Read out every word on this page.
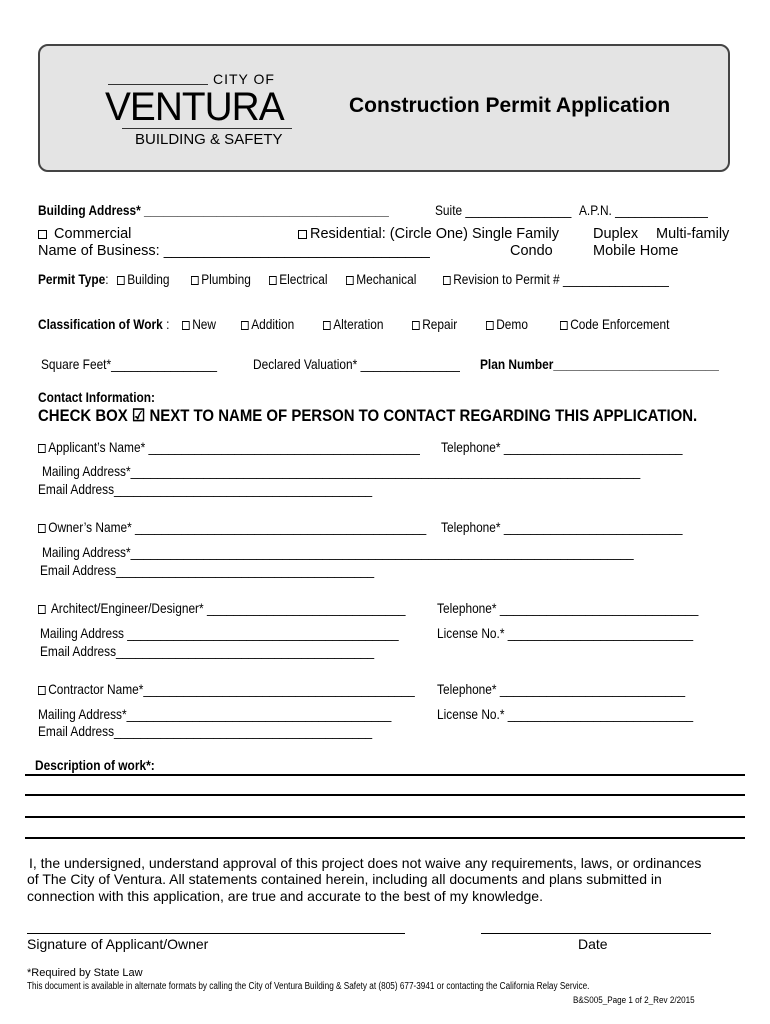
CITY OF
VENTURA
BUILDING & SAFETY
Construction Permit Application
Building Address* _____________________________________	Suite ________________ A.P.N. ______________
Commercial
Name of Business: _________________________________
Residential: (Circle One) Single Family
Condo
Duplex Multi-family
Mobile Home
Permit Type:	Building	Plumbing	Electrical	Mechanical	Revision to Permit # ________________
Classification of Work :	New	Addition	Alteration	Repair	Demo	Code Enforcement
Square Feet*________________	Declared Valuation* _______________ Plan Number_________________________
Contact Information:
CHECK BOX ☑ NEXT TO NAME OF PERSON TO CONTACT REGARDING THIS APPLICATION.
Applicant’s Name* _________________________________________ Telephone* ___________________________
Mailing Address*_____________________________________________________________________________
Email Address_______________________________________
Owner’s Name* ____________________________________________ Telephone* ___________________________
Mailing Address*____________________________________________________________________________
Email Address_______________________________________
Architect/Engineer/Designer* ______________________________ Telephone* ______________________________
Mailing Address _________________________________________	License No.* ____________________________
Email Address_______________________________________
Contractor Name*_________________________________________ Telephone* ____________________________
Mailing Address*________________________________________	License No.* ____________________________
Email Address_______________________________________
Description of work*:
I, the undersigned, understand approval of this project does not waive any requirements, laws, or ordinances
of The City of Ventura. All statements contained herein, including all documents and plans submitted in
connection with this application, are true and accurate to the best of my knowledge.
Signature of Applicant/Owner	Date
*Required by State Law
This document is available in alternate formats by calling the City of Ventura Building & Safety at (805) 677-3941 or contacting the California Relay Service.
B&S005_Page 1 of 2_Rev 2/2015
